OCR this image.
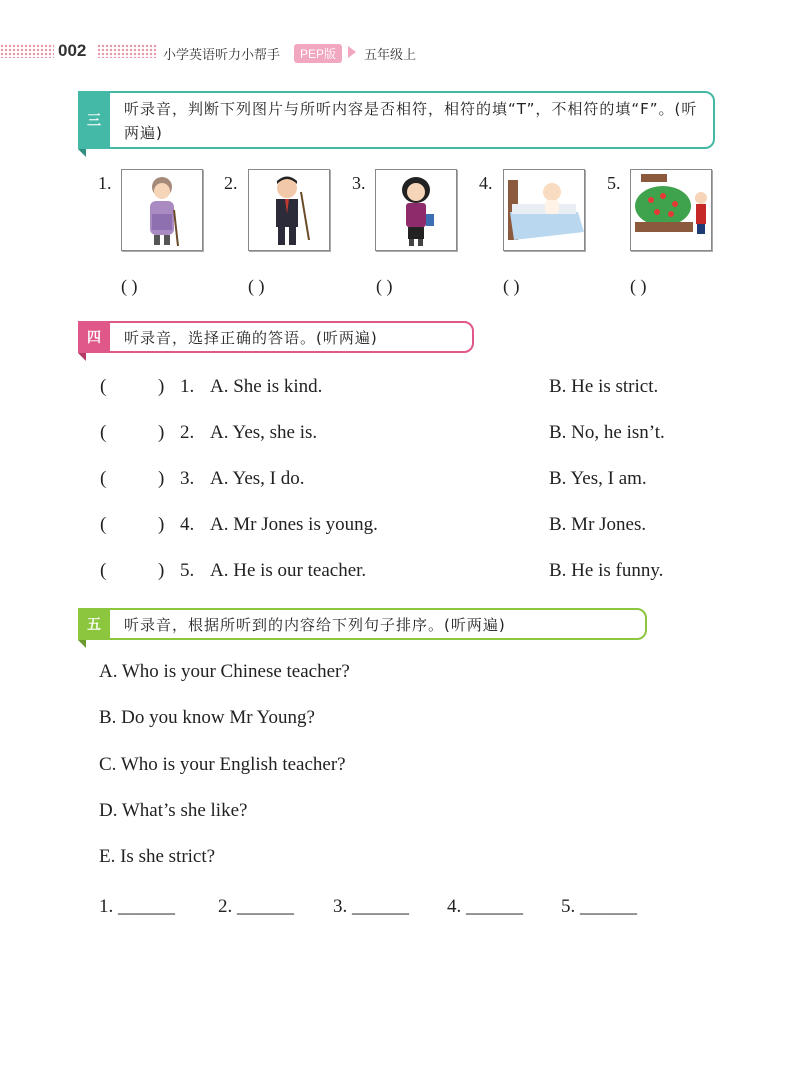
002	小学英语听力小帮手	PEP版	五年级上
三
听录音，判断下列图片与所听内容是否相符，相符的填“T”，不相符的填“F”。(听两遍)
1.	2.	3.	4.	5.
( )	( )	( )	( )	( )
四	听录音，选择正确的答语。(听两遍)
(	) 1. A. She is kind.	B. He is strict.
(	) 2. A. Yes, she is.	B. No, he isn’t.
(	) 3. A. Yes, I do.	B. Yes, I am.
(	) 4. A. Mr Jones is young.	B. Mr Jones.
(	) 5. A. He is our teacher.	B. He is funny.
五	听录音，根据所听到的内容给下列句子排序。(听两遍)
A. Who is your Chinese teacher?
B. Do you know Mr Young?
C. Who is your English teacher?
D. What’s she like?
E. Is she strict?
1. ______ 2. ______ 3. ______ 4. ______ 5. ______
